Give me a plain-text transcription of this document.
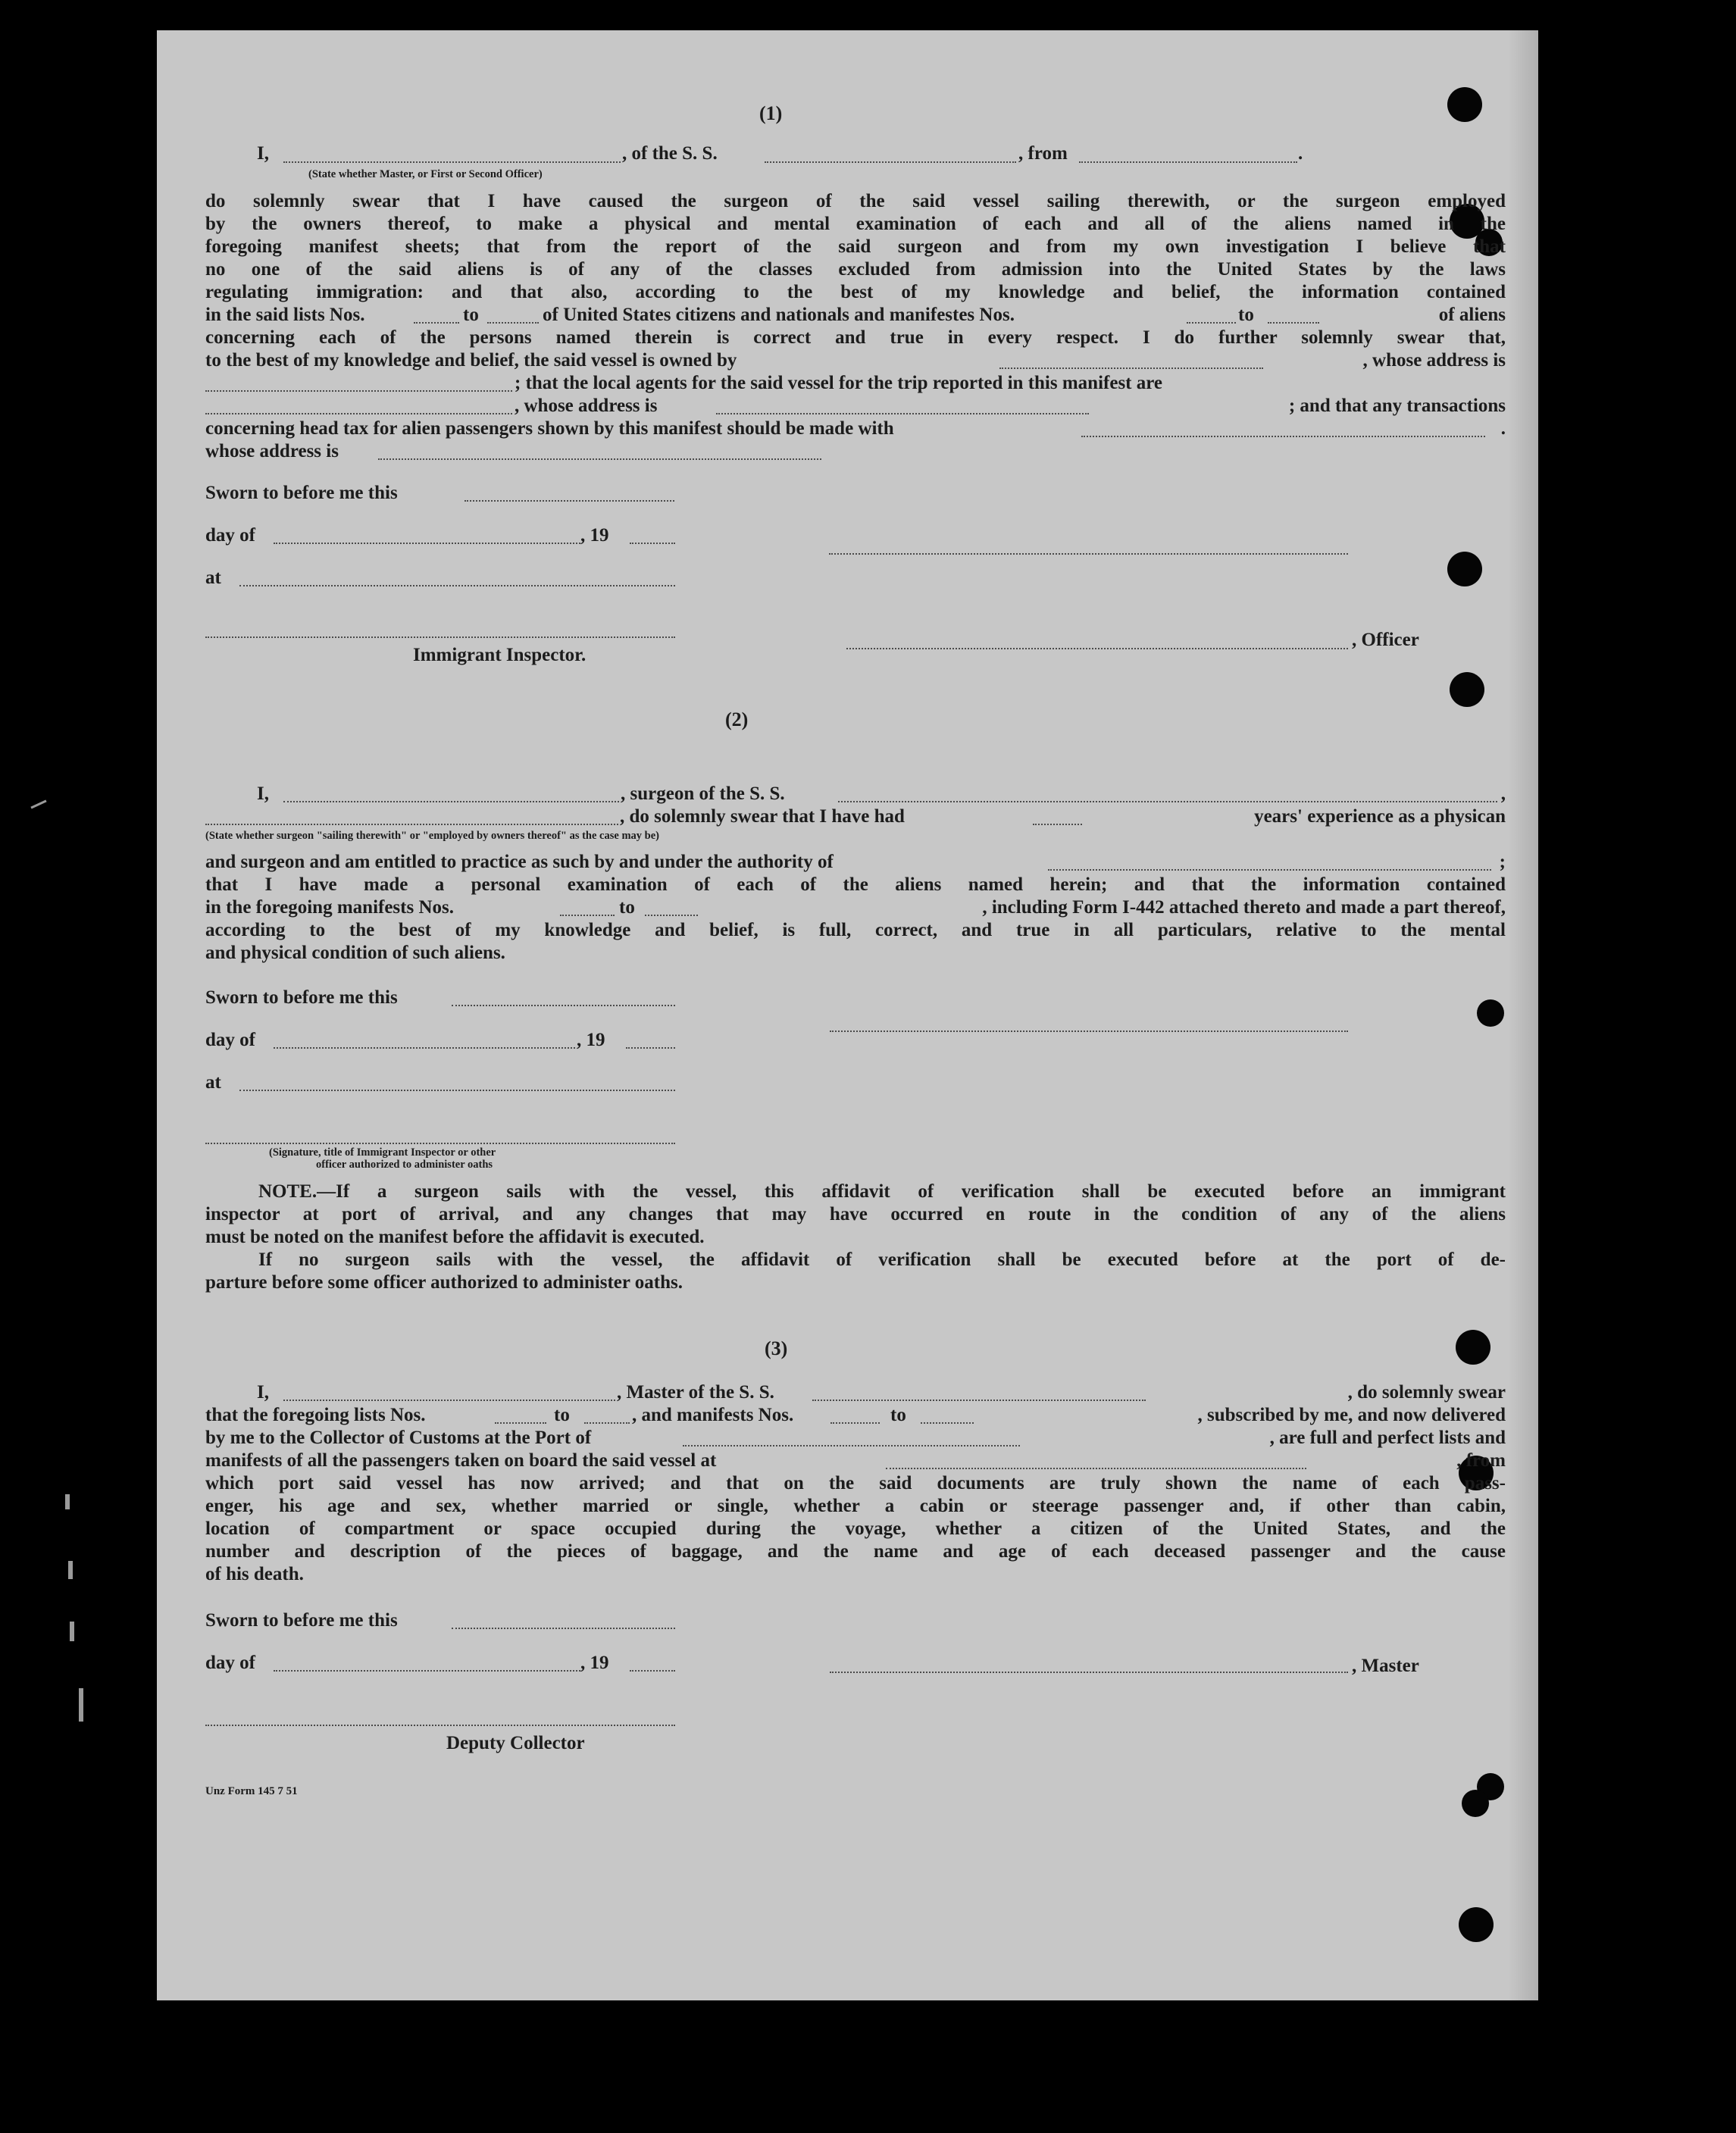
(1)
I,	, of the S. S.	, from	.
(State whether Master, or First or Second Officer)
do solemnly swear that I have caused the surgeon of the said vessel sailing therewith, or the surgeon employed
by the owners thereof, to make a physical and mental examination of each and all of the aliens named in the
foregoing manifest sheets; that from the report of the said surgeon and from my own investigation I believe that
no one of the said aliens is of any of the classes excluded from admission into the United States by the laws
regulating immigration: and that also, according to the best of my knowledge and belief, the information contained
in the said lists Nos.	to	of United States citizens and nationals and manifestes Nos.	to	of aliens
concerning each of the persons named therein is correct and true in every respect. I do further solemnly swear that,
to the best of my knowledge and belief, the said vessel is owned by	, whose address is
; that the local agents for the said vessel for the trip reported in this manifest are
, whose address is	; and that any transactions
concerning head tax for alien passengers shown by this manifest should be made with	.
whose address is
Sworn to before me this
day of	, 19
at
, Officer
Immigrant Inspector.
(2)
I,	, surgeon of the S. S.	,
, do solemnly swear that I have had	years' experience as a physican
(State whether surgeon "sailing therewith" or "employed by owners thereof" as the case may be)
and surgeon and am entitled to practice as such by and under the authority of	;
that I have made a personal examination of each of the aliens named herein; and that the information contained
in the foregoing manifests Nos.	to	, including Form I-442 attached thereto and made a part thereof,
according to the best of my knowledge and belief, is full, correct, and true in all particulars, relative to the mental
and physical condition of such aliens.
Sworn to before me this
day of	, 19
at
(Signature, title of Immigrant Inspector or other
officer authorized to administer oaths
NOTE.—If a surgeon sails with the vessel, this affidavit of verification shall be executed before an immigrant
inspector at port of arrival, and any changes that may have occurred en route in the condition of any of the aliens
must be noted on the manifest before the affidavit is executed.
If no surgeon sails with the vessel, the affidavit of verification shall be executed before at the port of de-
parture before some officer authorized to administer oaths.
(3)
I,	, Master of the S. S.	, do solemnly swear
that the foregoing lists Nos.	to	, and manifests Nos.	to	, subscribed by me, and now delivered
by me to the Collector of Customs at the Port of	, are full and perfect lists and
manifests of all the passengers taken on board the said vessel at	, from
which port said vessel has now arrived; and that on the said documents are truly shown the name of each pass-
enger, his age and sex, whether married or single, whether a cabin or steerage passenger and, if other than cabin,
location of compartment or space occupied during the voyage, whether a citizen of the United States, and the
number and description of the pieces of baggage, and the name and age of each deceased passenger and the cause
of his death.
Sworn to before me this
day of	, 19	, Master
Deputy Collector
Unz Form 145 7 51
